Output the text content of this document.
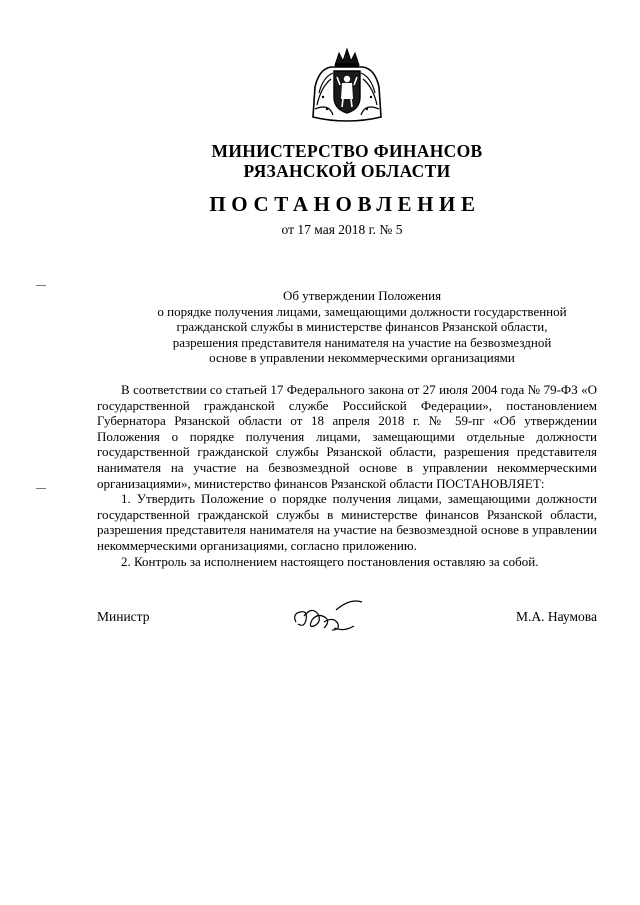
МИНИСТЕРСТВО ФИНАНСОВ
РЯЗАНСКОЙ ОБЛАСТИ
ПОСТАНОВЛЕНИЕ
от 17 мая 2018 г. № 5
Об утверждении Положения
о порядке получения лицами, замещающими должности государственной
гражданской службы в министерстве финансов Рязанской области,
разрешения представителя нанимателя на участие на безвозмездной
основе в управлении некоммерческими организациями

В соответствии со статьей 17 Федерального закона от 27 июля 2004 года № 79-ФЗ «О государственной гражданской службе Российской Федерации», постановлением Губернатора Рязанской области от 18 апреля 2018 г. № 59-пг «Об утверждении Положения о порядке получения лицами, замещающими отдельные должности государственной гражданской службы Рязанской области, разрешения представителя нанимателя на участие на безвозмездной основе в управлении некоммерческими организациями», министерство финансов Рязанской области ПОСТАНОВЛЯЕТ:

1. Утвердить Положение о порядке получения лицами, замещающими должности государственной гражданской службы в министерстве финансов Рязанской области, разрешения представителя нанимателя на участие на безвозмездной основе в управлении некоммерческими организациями, согласно приложению.

2. Контроль за исполнением настоящего постановления оставляю за собой.

Министр	М.А. Наумова
